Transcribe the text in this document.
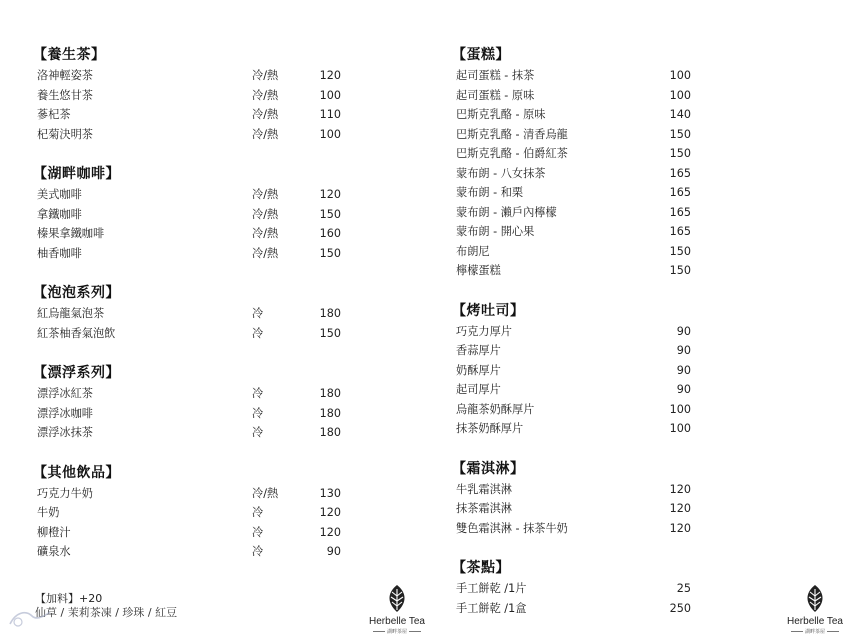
【養生茶】
洛神輕姿茶	冷/熱	120
養生悠甘茶	冷/熱	100
蔘杞茶	冷/熱	110
杞菊決明茶	冷/熱	100
【湖畔咖啡】
美式咖啡	冷/熱	120
拿鐵咖啡	冷/熱	150
榛果拿鐵咖啡	冷/熱	160
柚香咖啡	冷/熱	150
【泡泡系列】
紅烏龍氣泡茶	冷	180
紅茶柚香氣泡飲	冷	150
【漂浮系列】
漂浮冰紅茶	冷	180
漂浮冰咖啡	冷	180
漂浮冰抹茶	冷	180
【其他飲品】
巧克力牛奶	冷/熱	130
牛奶	冷	120
柳橙汁	冷	120
礦泉水	冷	90
【蛋糕】
起司蛋糕 - 抹茶	100
起司蛋糕 - 原味	100
巴斯克乳酪 - 原味	140
巴斯克乳酪 - 清香烏龍	150
巴斯克乳酪 - 伯爵紅茶	150
蒙布朗 - 八女抹茶	165
蒙布朗 - 和栗	165
蒙布朗 - 瀨戶內檸檬	165
蒙布朗 - 開心果	165
布朗尼	150
檸檬蛋糕	150
【烤吐司】
巧克力厚片	90
香蒜厚片	90
奶酥厚片	90
起司厚片	90
烏龍茶奶酥厚片	100
抹茶奶酥厚片	100
【霜淇淋】
牛乳霜淇淋	120
抹茶霜淇淋	120
雙色霜淇淋 - 抹茶牛奶	120
【茶點】
手工餅乾 /1片	25
手工餅乾 /1盒	250
【加料】+20
仙草 / 茉莉茶凍 / 珍珠 / 紅豆
Herbelle Tea
湖畔茶屋
Herbelle Tea
湖畔茶屋
